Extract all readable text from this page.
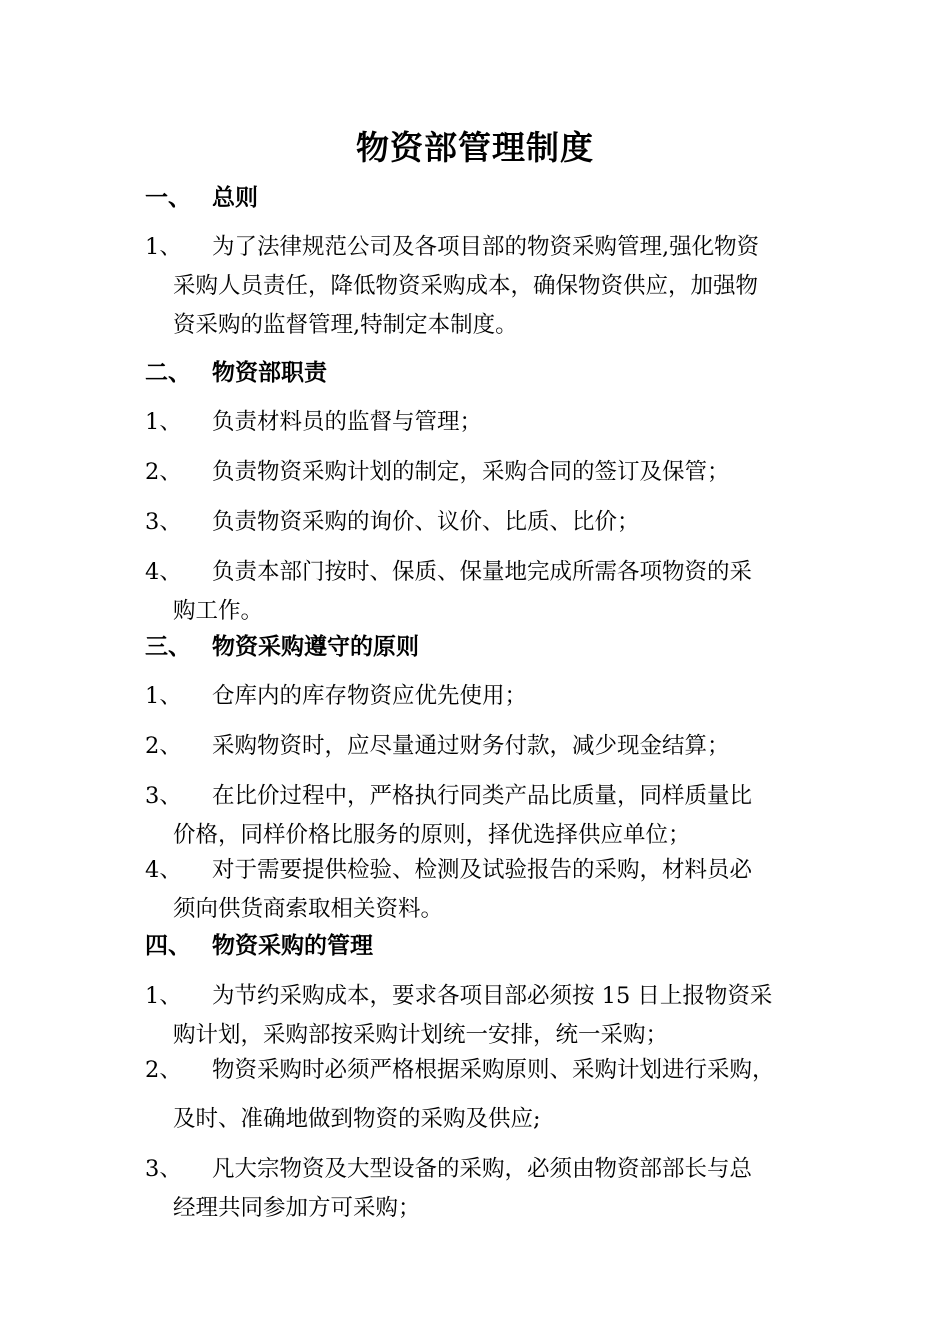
物资部管理制度
一、 总则
1、	为了法律规范公司及各项目部的物资采购管理,强化物资
采购人员责任，降低物资采购成本，确保物资供应，加强物
资采购的监督管理,特制定本制度。
二、 物资部职责
1、	负责材料员的监督与管理；
2、	负责物资采购计划的制定，采购合同的签订及保管；
3、	负责物资采购的询价、议价、比质、比价；
4、	负责本部门按时、保质、保量地完成所需各项物资的采
购工作。
三、 物资采购遵守的原则
1、	仓库内的库存物资应优先使用；
2、	采购物资时，应尽量通过财务付款，减少现金结算；
3、	在比价过程中，严格执行同类产品比质量，同样质量比
价格，同样价格比服务的原则，择优选择供应单位；
4、	对于需要提供检验、检测及试验报告的采购，材料员必
须向供货商索取相关资料。
四、 物资采购的管理
1、	为节约采购成本，要求各项目部必须按 15 日上报物资采
购计划，采购部按采购计划统一安排，统一采购；
2、	物资采购时必须严格根据采购原则、采购计划进行采购，
及时、准确地做到物资的采购及供应;
3、	凡大宗物资及大型设备的采购，必须由物资部部长与总
经理共同参加方可采购；
